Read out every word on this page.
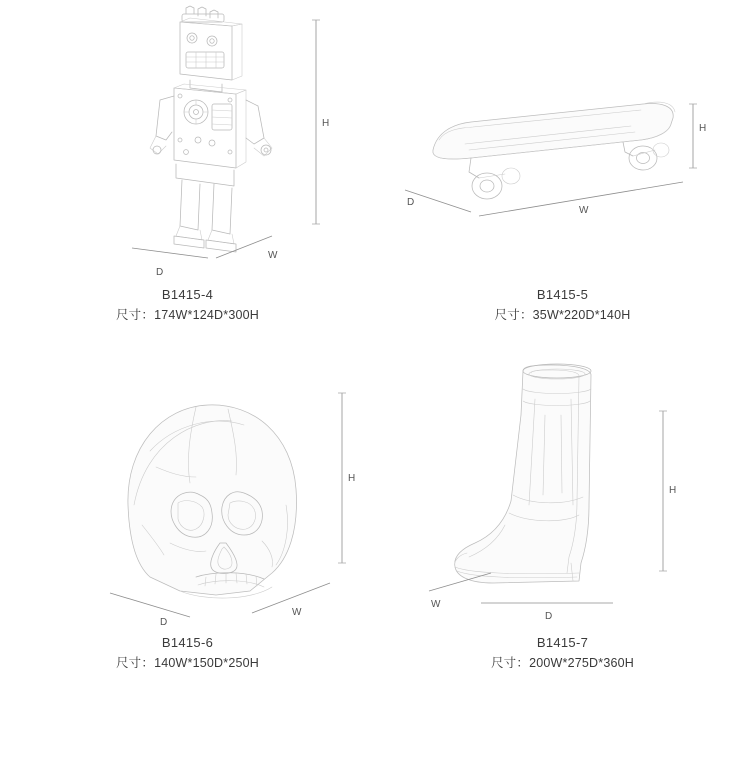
H
W
D
B1415-4
尺寸：174W*124D*300H
H
W
D
B1415-5
尺寸：35W*220D*140H
H
D
W
B1415-6
尺寸：140W*150D*250H
H
W
D
B1415-7
尺寸：200W*275D*360H
